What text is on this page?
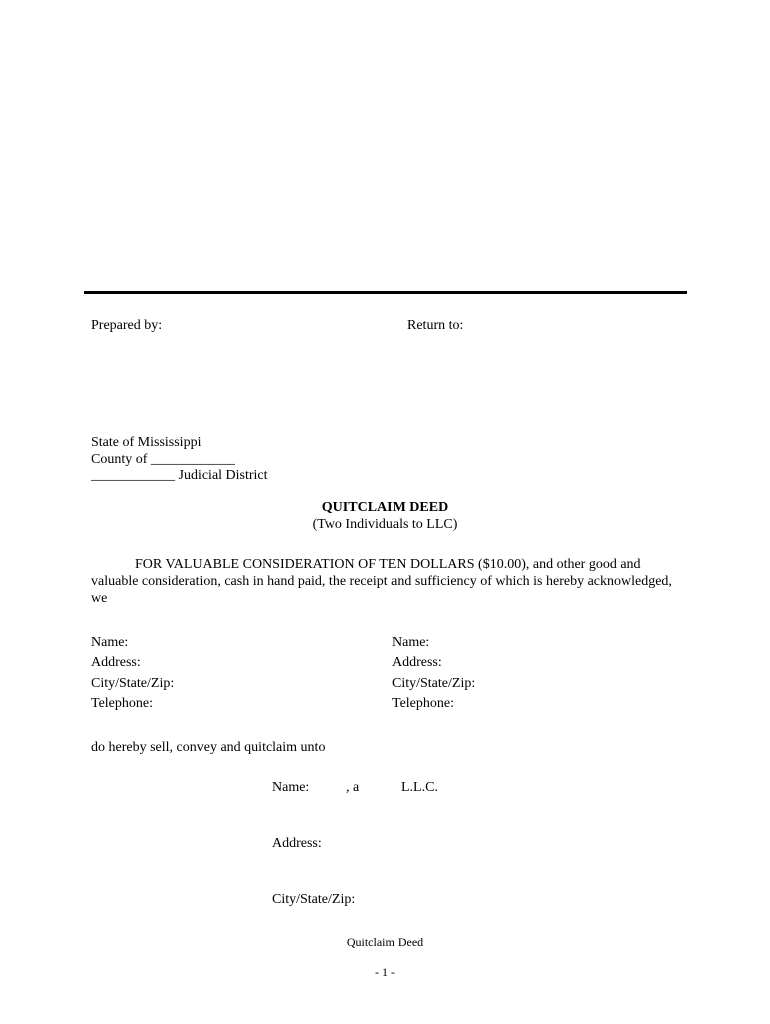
Prepared by:	Return to:
State of Mississippi
County of ____________
____________ Judicial District
QUITCLAIM DEED
(Two Individuals to LLC)
FOR VALUABLE CONSIDERATION OF TEN DOLLARS ($10.00), and other good and valuable consideration, cash in hand paid, the receipt and sufficiency of which is hereby acknowledged, we
Name:
Address:
City/State/Zip:
Telephone:
Name:
Address:
City/State/Zip:
Telephone:
do hereby sell, convey and quitclaim unto
Name:	, a	L.L.C.
Address:
City/State/Zip:
Quitclaim Deed
- 1 -
